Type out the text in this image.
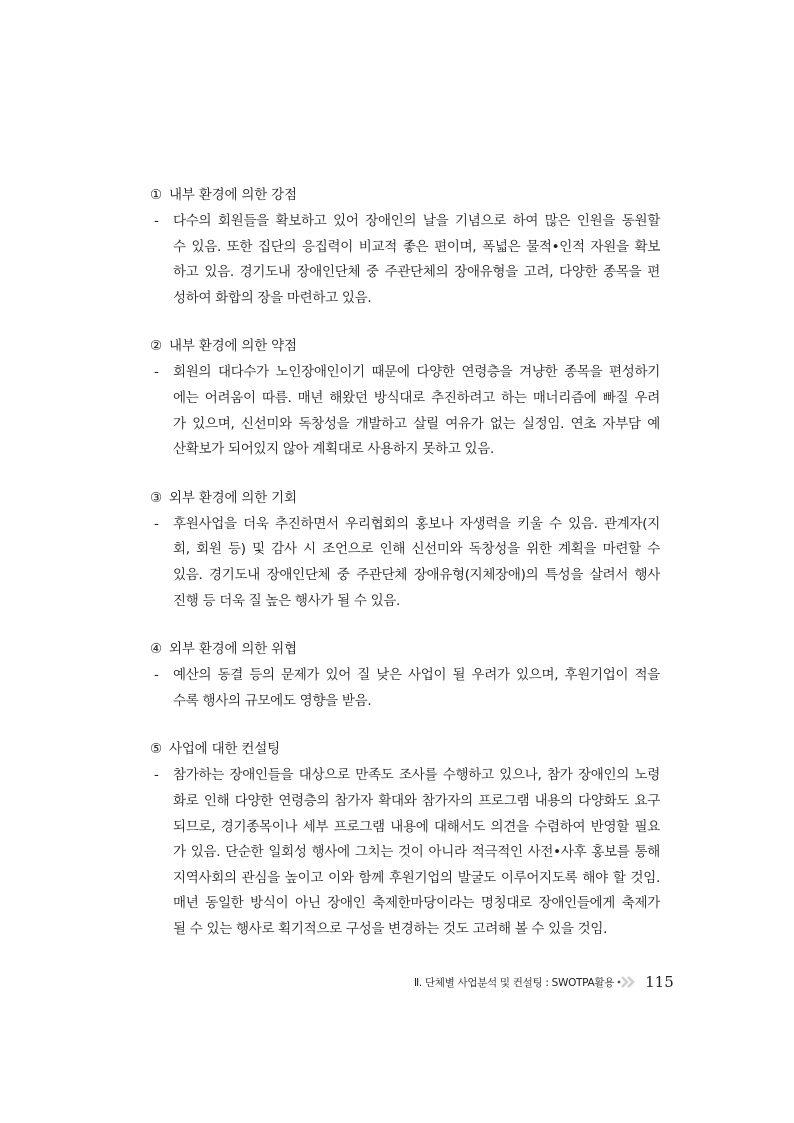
① 내부 환경에 의한 강점
- 다수의 회원들을 확보하고 있어 장애인의 날을 기념으로 하여 많은 인원을 동원할
수 있음. 또한 집단의 응집력이 비교적 좋은 편이며, 폭넓은 물적•인적 자원을 확보
하고 있음. 경기도내 장애인단체 중 주관단체의 장애유형을 고려, 다양한 종목을 편
성하여 화합의 장을 마련하고 있음.
② 내부 환경에 의한 약점
- 회원의 대다수가 노인장애인이기 때문에 다양한 연령층을 겨냥한 종목을 편성하기
에는 어려움이 따름. 매년 해왔던 방식대로 추진하려고 하는 매너리즘에 빠질 우려
가 있으며, 신선미와 독창성을 개발하고 살릴 여유가 없는 실정임. 연초 자부담 예
산확보가 되어있지 않아 계획대로 사용하지 못하고 있음.
③ 외부 환경에 의한 기회
- 후원사업을 더욱 추진하면서 우리협회의 홍보나 자생력을 키울 수 있음. 관계자(지
회, 회원 등) 및 감사 시 조언으로 인해 신선미와 독창성을 위한 계획을 마련할 수
있음. 경기도내 장애인단체 중 주관단체 장애유형(지체장애)의 특성을 살려서 행사
진행 등 더욱 질 높은 행사가 될 수 있음.
④ 외부 환경에 의한 위협
- 예산의 동결 등의 문제가 있어 질 낮은 사업이 될 우려가 있으며, 후원기업이 적을
수록 행사의 규모에도 영향을 받음.
⑤ 사업에 대한 컨설팅
- 참가하는 장애인들을 대상으로 만족도 조사를 수행하고 있으나, 참가 장애인의 노령
화로 인해 다양한 연령층의 참가자 확대와 참가자의 프로그램 내용의 다양화도 요구
되므로, 경기종목이나 세부 프로그램 내용에 대해서도 의견을 수렴하여 반영할 필요
가 있음. 단순한 일회성 행사에 그치는 것이 아니라 적극적인 사전•사후 홍보를 통해
지역사회의 관심을 높이고 이와 함께 후원기업의 발굴도 이루어지도록 해야 할 것임.
매년 동일한 방식이 아닌 장애인 축제한마당이라는 명칭대로 장애인들에게 축제가
될 수 있는 행사로 획기적으로 구성을 변경하는 것도 고려해 볼 수 있을 것임.
Ⅱ. 단체별 사업분석 및 컨설팅 : SWOTPA활용 115
